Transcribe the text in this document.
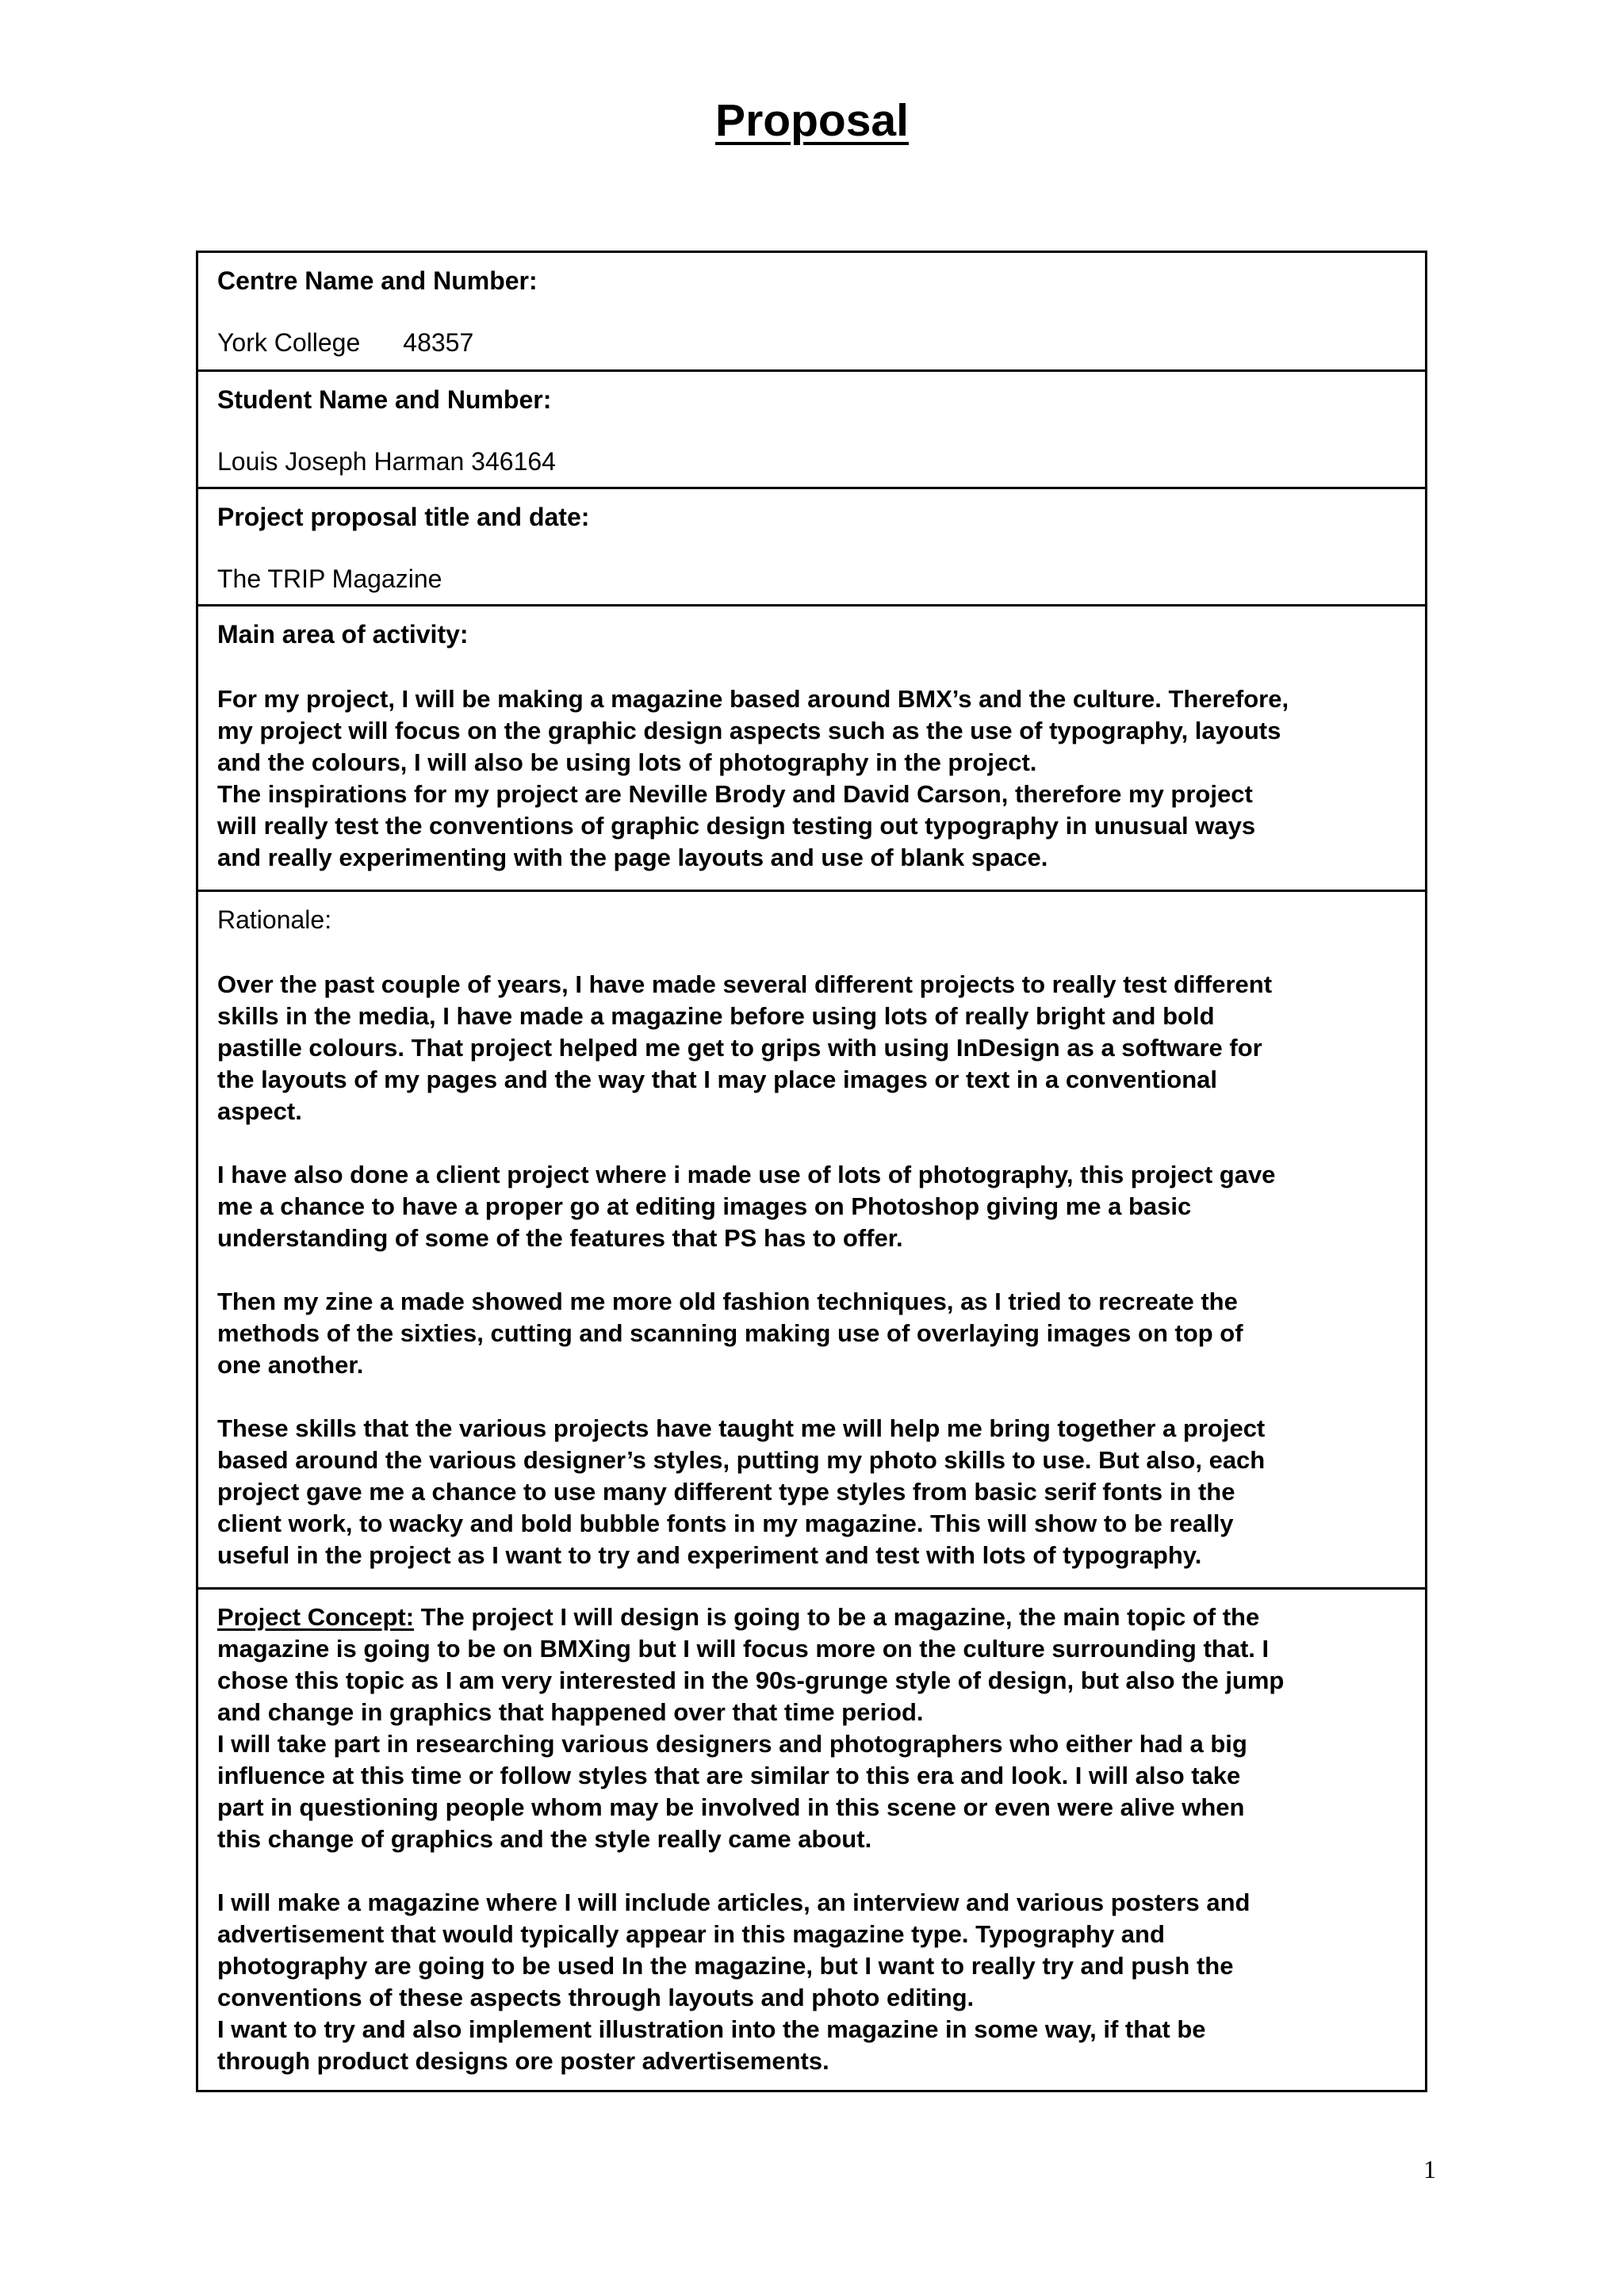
Proposal
Centre Name and Number:
York College 48357
Student Name and Number:
Louis Joseph Harman 346164
Project proposal title and date:
The TRIP Magazine
Main area of activity:
For my project, I will be making a magazine based around BMX’s and the culture. Therefore,
my project will focus on the graphic design aspects such as the use of typography, layouts
and the colours, I will also be using lots of photography in the project.
The inspirations for my project are Neville Brody and David Carson, therefore my project
will really test the conventions of graphic design testing out typography in unusual ways
and really experimenting with the page layouts and use of blank space.
Rationale:
Over the past couple of years, I have made several different projects to really test different
skills in the media, I have made a magazine before using lots of really bright and bold
pastille colours. That project helped me get to grips with using InDesign as a software for
the layouts of my pages and the way that I may place images or text in a conventional
aspect.
I have also done a client project where i made use of lots of photography, this project gave
me a chance to have a proper go at editing images on Photoshop giving me a basic
understanding of some of the features that PS has to offer.
Then my zine a made showed me more old fashion techniques, as I tried to recreate the
methods of the sixties, cutting and scanning making use of overlaying images on top of
one another.
These skills that the various projects have taught me will help me bring together a project
based around the various designer’s styles, putting my photo skills to use. But also, each
project gave me a chance to use many different type styles from basic serif fonts in the
client work, to wacky and bold bubble fonts in my magazine. This will show to be really
useful in the project as I want to try and experiment and test with lots of typography.
Project Concept: The project I will design is going to be a magazine, the main topic of the
magazine is going to be on BMXing but I will focus more on the culture surrounding that. I
chose this topic as I am very interested in the 90s-grunge style of design, but also the jump
and change in graphics that happened over that time period.
I will take part in researching various designers and photographers who either had a big
influence at this time or follow styles that are similar to this era and look. I will also take
part in questioning people whom may be involved in this scene or even were alive when
this change of graphics and the style really came about.
I will make a magazine where I will include articles, an interview and various posters and
advertisement that would typically appear in this magazine type. Typography and
photography are going to be used In the magazine, but I want to really try and push the
conventions of these aspects through layouts and photo editing.
I want to try and also implement illustration into the magazine in some way, if that be
through product designs ore poster advertisements.
1
